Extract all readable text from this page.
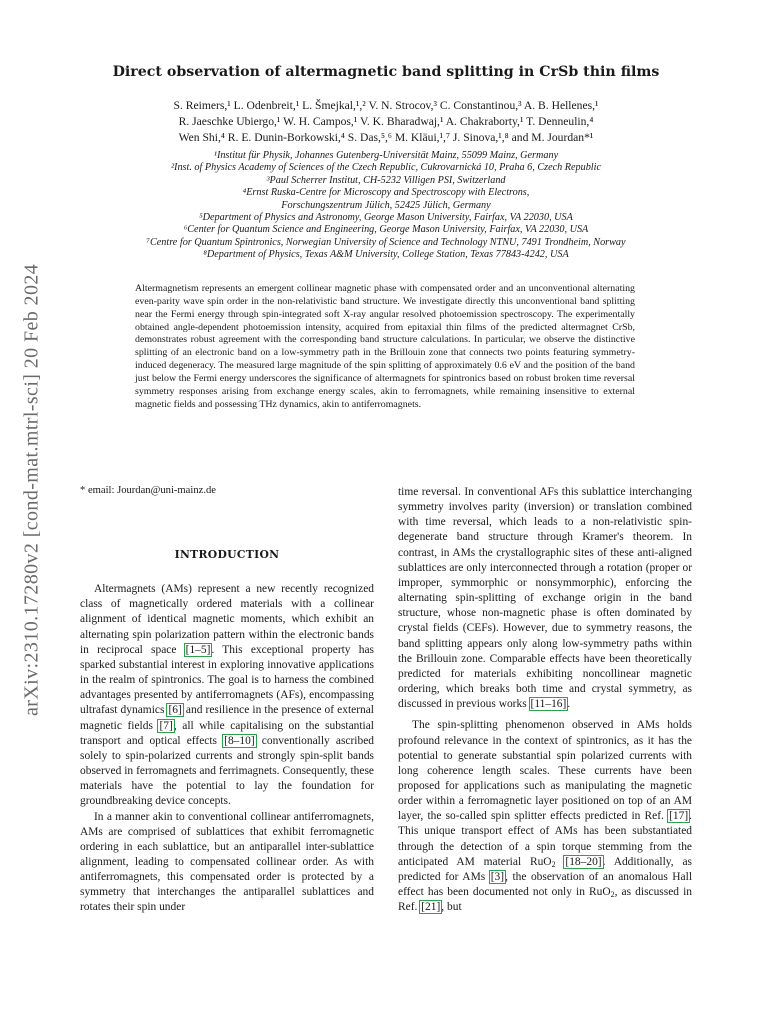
arXiv:2310.17280v2 [cond-mat.mtrl-sci] 20 Feb 2024
Direct observation of altermagnetic band splitting in CrSb thin films
S. Reimers,¹ L. Odenbreit,¹ L. Šmejkal,¹,² V. N. Strocov,³ C. Constantinou,³ A. B. Hellenes,¹
R. Jaeschke Ubiergo,¹ W. H. Campos,¹ V. K. Bharadwaj,¹ A. Chakraborty,¹ T. Denneulin,⁴
Wen Shi,⁴ R. E. Dunin-Borkowski,⁴ S. Das,⁵,⁶ M. Kläui,¹,⁷ J. Sinova,¹,⁸ and M. Jourdan*¹
¹Institut für Physik, Johannes Gutenberg-Universität Mainz, 55099 Mainz, Germany
²Inst. of Physics Academy of Sciences of the Czech Republic, Cukrovarnická 10, Praha 6, Czech Republic
³Paul Scherrer Institut, CH-5232 Villigen PSI, Switzerland
⁴Ernst Ruska-Centre for Microscopy and Spectroscopy with Electrons,
Forschungszentrum Jülich, 52425 Jülich, Germany
⁵Department of Physics and Astronomy, George Mason University, Fairfax, VA 22030, USA
⁶Center for Quantum Science and Engineering, George Mason University, Fairfax, VA 22030, USA
⁷Centre for Quantum Spintronics, Norwegian University of Science and Technology NTNU, 7491 Trondheim, Norway
⁸Department of Physics, Texas A&M University, College Station, Texas 77843-4242, USA
Altermagnetism represents an emergent collinear magnetic phase with compensated order and an unconventional alternating even-parity wave spin order in the non-relativistic band structure. We investigate directly this unconventional band splitting near the Fermi energy through spin-integrated soft X-ray angular resolved photoemission spectroscopy. The experimentally obtained angle-dependent photoemission intensity, acquired from epitaxial thin films of the predicted altermagnet CrSb, demonstrates robust agreement with the corresponding band structure calculations. In particular, we observe the distinctive splitting of an electronic band on a low-symmetry path in the Brillouin zone that connects two points featuring symmetry-induced degeneracy. The measured large magnitude of the spin splitting of approximately 0.6 eV and the position of the band just below the Fermi energy underscores the significance of altermagnets for spintronics based on robust broken time reversal symmetry responses arising from exchange energy scales, akin to ferromagnets, while remaining insensitive to external magnetic fields and possessing THz dynamics, akin to antiferromagnets.
* email: Jourdan@uni-mainz.de
INTRODUCTION

Altermagnets (AMs) represent a new recently recognized class of magnetically ordered materials with a collinear alignment of identical magnetic moments, which exhibit an alternating spin polarization pattern within the electronic bands in reciprocal space [1–5]. This exceptional property has sparked substantial interest in exploring innovative applications in the realm of spintronics. The goal is to harness the combined advantages presented by antiferromagnets (AFs), encompassing ultrafast dynamics [6] and resilience in the presence of external magnetic fields [7], all while capitalising on the substantial transport and optical effects [8–10] conventionally ascribed solely to spin-polarized currents and strongly spin-split bands observed in ferromagnets and ferrimagnets. Consequently, these materials have the potential to lay the foundation for groundbreaking device concepts.

In a manner akin to conventional collinear antiferromagnets, AMs are comprised of sublattices that exhibit ferromagnetic ordering in each sublattice, but an antiparallel inter-sublattice alignment, leading to compensated collinear order. As with antiferromagnets, this compensated order is protected by a symmetry that interchanges the antiparallel sublattices and rotates their spin under

time reversal. In conventional AFs this sublattice interchanging symmetry involves parity (inversion) or translation combined with time reversal, which leads to a non-relativistic spin-degenerate band structure through Kramer's theorem. In contrast, in AMs the crystallographic sites of these anti-aligned sublattices are only interconnected through a rotation (proper or improper, symmorphic or nonsymmorphic), enforcing the alternating spin-splitting of exchange origin in the band structure, whose non-magnetic phase is often dominated by crystal fields (CEFs). However, due to symmetry reasons, the band splitting appears only along low-symmetry paths within the Brillouin zone. Comparable effects have been theoretically predicted for materials exhibiting noncollinear magnetic ordering, which breaks both time and crystal symmetry, as discussed in previous works [11–16].

The spin-splitting phenomenon observed in AMs holds profound relevance in the context of spintronics, as it has the potential to generate substantial spin polarized currents with long coherence length scales. These currents have been proposed for applications such as manipulating the magnetic order within a ferromagnetic layer positioned on top of an AM layer, the so-called spin splitter effects predicted in Ref. [17]. This unique transport effect of AMs has been substantiated through the detection of a spin torque stemming from the anticipated AM material RuO$_2$ [18–20]. Additionally, as predicted for AMs [3], the observation of an anomalous Hall effect has been documented not only in RuO$_2$, as discussed in Ref. [21], but
